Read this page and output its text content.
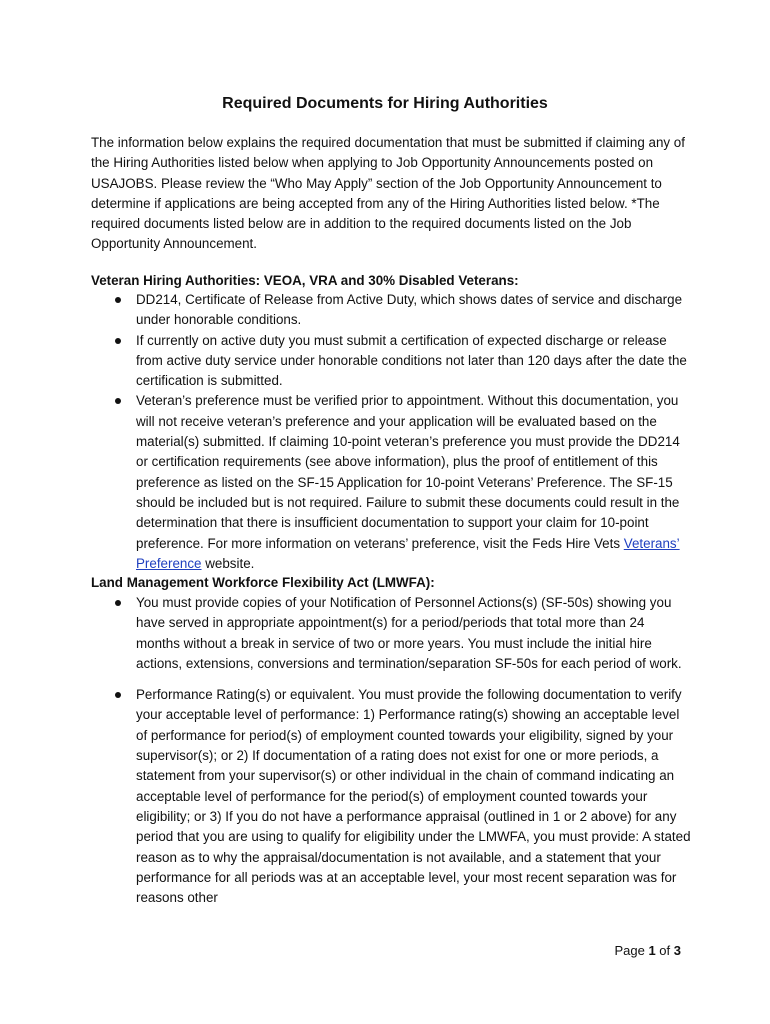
Required Documents for Hiring Authorities
The information below explains the required documentation that must be submitted if claiming any of the Hiring Authorities listed below when applying to Job Opportunity Announcements posted on USAJOBS. Please review the “Who May Apply” section of the Job Opportunity Announcement to determine if applications are being accepted from any of the Hiring Authorities listed below. *The required documents listed below are in addition to the required documents listed on the Job Opportunity Announcement.
Veteran Hiring Authorities: VEOA, VRA and 30% Disabled Veterans:
DD214, Certificate of Release from Active Duty, which shows dates of service and discharge under honorable conditions.
If currently on active duty you must submit a certification of expected discharge or release from active duty service under honorable conditions not later than 120 days after the date the certification is submitted.
Veteran’s preference must be verified prior to appointment. Without this documentation, you will not receive veteran’s preference and your application will be evaluated based on the material(s) submitted. If claiming 10-point veteran’s preference you must provide the DD214 or certification requirements (see above information), plus the proof of entitlement of this preference as listed on the SF-15 Application for 10-point Veterans’ Preference. The SF-15 should be included but is not required. Failure to submit these documents could result in the determination that there is insufficient documentation to support your claim for 10-point preference. For more information on veterans’ preference, visit the Feds Hire Vets Veterans’ Preference website.
Land Management Workforce Flexibility Act (LMWFA):
You must provide copies of your Notification of Personnel Actions(s) (SF-50s) showing you have served in appropriate appointment(s) for a period/periods that total more than 24 months without a break in service of two or more years. You must include the initial hire actions, extensions, conversions and termination/separation SF-50s for each period of work.
Performance Rating(s) or equivalent. You must provide the following documentation to verify your acceptable level of performance: 1) Performance rating(s) showing an acceptable level of performance for period(s) of employment counted towards your eligibility, signed by your supervisor(s); or 2) If documentation of a rating does not exist for one or more periods, a statement from your supervisor(s) or other individual in the chain of command indicating an acceptable level of performance for the period(s) of employment counted towards your eligibility; or 3) If you do not have a performance appraisal (outlined in 1 or 2 above) for any period that you are using to qualify for eligibility under the LMWFA, you must provide: A stated reason as to why the appraisal/documentation is not available, and a statement that your performance for all periods was at an acceptable level, your most recent separation was for reasons other
Page 1 of 3
